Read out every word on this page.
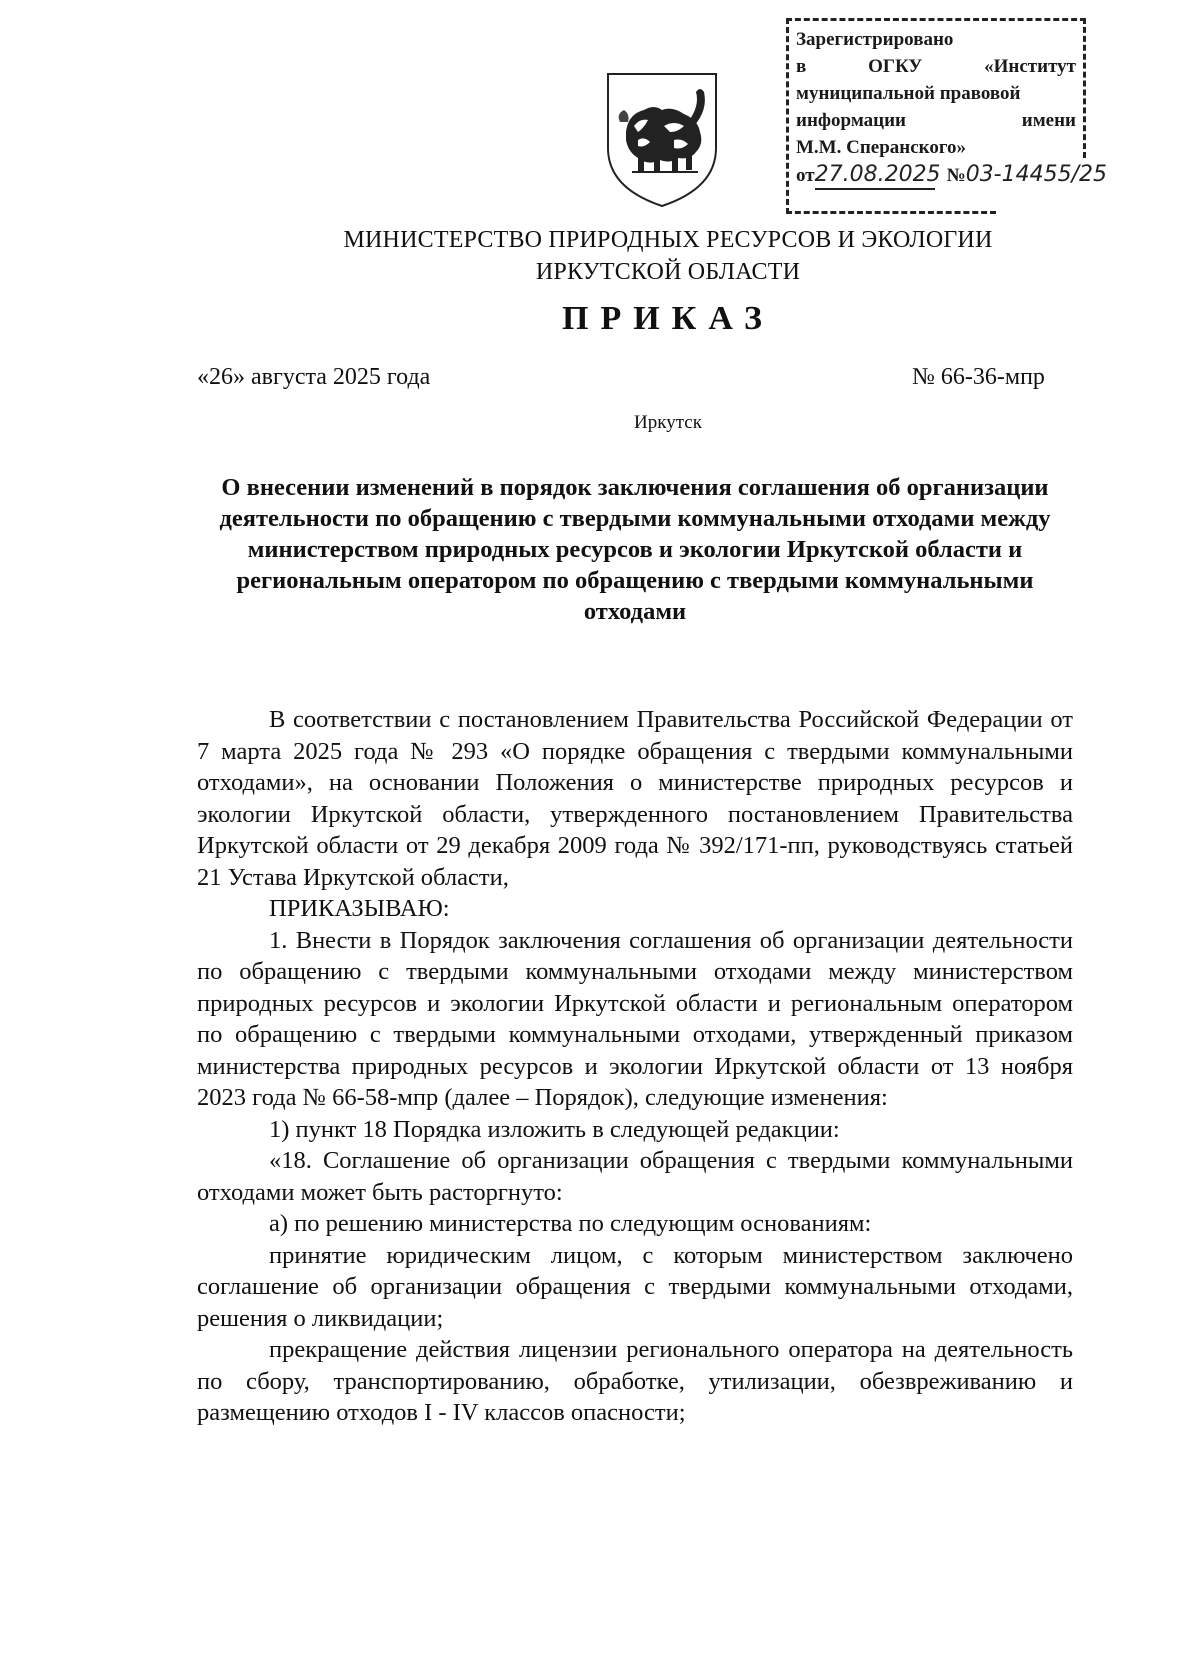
Зарегистрировано
в	ОГКУ	«Институт
муниципальной правовой
информации	имени
М.М. Сперанского»
от 27.08.2025 № 03-14455/25
МИНИСТЕРСТВО ПРИРОДНЫХ РЕСУРСОВ И ЭКОЛОГИИ
ИРКУТСКОЙ ОБЛАСТИ
ПРИКАЗ
«26» августа 2025 года	№ 66-36-мпр
Иркутск
О внесении изменений в порядок заключения соглашения об организации деятельности по обращению с твердыми коммунальными отходами между министерством природных ресурсов и экологии Иркутской области и региональным оператором по обращению с твердыми коммунальными отходами

В соответствии с постановлением Правительства Российской Федерации от 7 марта 2025 года № 293 «О порядке обращения с твердыми коммунальными отходами», на основании Положения о министерстве природных ресурсов и экологии Иркутской области, утвержденного постановлением Правительства Иркутской области от 29 декабря 2009 года № 392/171-пп, руководствуясь статьей 21 Устава Иркутской области,

ПРИКАЗЫВАЮ:

1. Внести в Порядок заключения соглашения об организации деятельности по обращению с твердыми коммунальными отходами между министерством природных ресурсов и экологии Иркутской области и региональным оператором по обращению с твердыми коммунальными отходами, утвержденный приказом министерства природных ресурсов и экологии Иркутской области от 13 ноября 2023 года № 66-58-мпр (далее – Порядок), следующие изменения:

1) пункт 18 Порядка изложить в следующей редакции:

«18. Соглашение об организации обращения с твердыми коммунальными отходами может быть расторгнуто:

а) по решению министерства по следующим основаниям:

принятие юридическим лицом, с которым министерством заключено соглашение об организации обращения с твердыми коммунальными отходами, решения о ликвидации;

прекращение действия лицензии регионального оператора на деятельность по сбору, транспортированию, обработке, утилизации, обезвреживанию и размещению отходов I - IV классов опасности;
